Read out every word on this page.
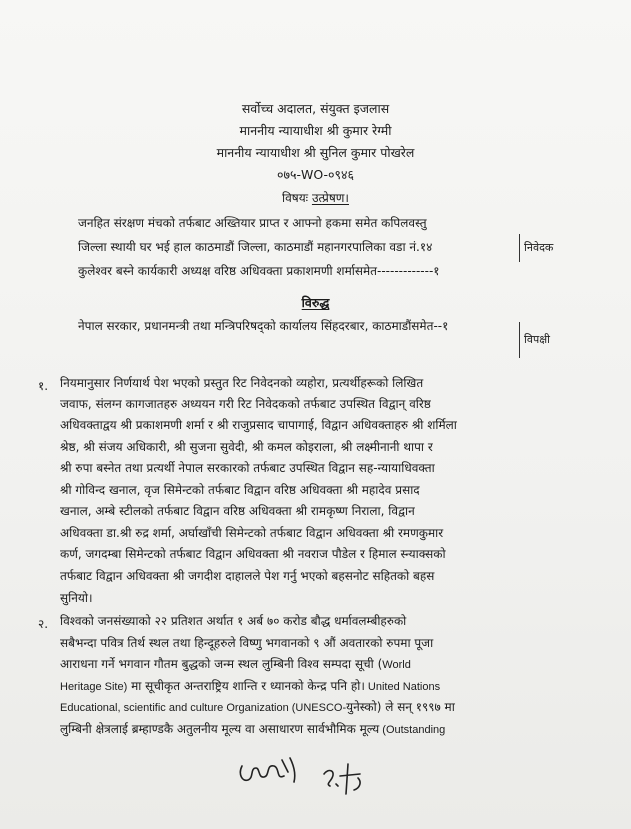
सर्वोच्च अदालत, संयुक्त इजलास
माननीय न्यायाधीश श्री कुमार रेग्मी
माननीय न्यायाधीश श्री सुनिल कुमार पोखरेल
०७५-WO-०९४६
विषयः उत्प्रेषण।
जनहित संरक्षण मंचको तर्फबाट अख्तियार प्राप्त र आफ्नो हकमा समेत कपिलवस्तु
जिल्ला स्थायी घर भई हाल काठमाडौं जिल्ला, काठमाडौं महानगरपालिका वडा नं.१४
कुलेश्वर बस्ने कार्यकारी अध्यक्ष वरिष्ठ अधिवक्ता प्रकाशमणी शर्मासमेत-------------१
निवेदक
विरुद्ध
नेपाल सरकार, प्रधानमन्त्री तथा मन्त्रिपरिषद्को कार्यालय सिंहदरबार, काठमाडौंसमेत--१
विपक्षी
१. नियमानुसार निर्णयार्थ पेश भएको प्रस्तुत रिट निवेदनको व्यहोरा, प्रत्यर्थीहरूको लिखित
जवाफ, संलग्न कागजातहरु अध्ययन गरी रिट निवेदकको तर्फबाट उपस्थित विद्वान् वरिष्ठ
अधिवक्ताद्वय श्री प्रकाशमणी शर्मा र श्री राजुप्रसाद चापागाई, विद्वान अधिवक्ताहरु श्री शर्मिला
श्रेष्ठ, श्री संजय अधिकारी, श्री सुजना सुवेदी, श्री कमल कोइराला, श्री लक्ष्मीनानी थापा र
श्री रुपा बस्नेत तथा प्रत्यर्थी नेपाल सरकारको तर्फबाट उपस्थित विद्वान सह-न्यायाधिवक्ता
श्री गोविन्द खनाल, वृज सिमेन्टको तर्फबाट विद्वान वरिष्ठ अधिवक्ता श्री महादेव प्रसाद
खनाल, अम्बे स्टीलको तर्फबाट विद्वान वरिष्ठ अधिवक्ता श्री रामकृष्ण निराला, विद्वान
अधिवक्ता डा.श्री रुद्र शर्मा, अर्घाखाँची सिमेन्टको तर्फबाट विद्वान अधिवक्ता श्री रमणकुमार
कर्ण, जगदम्बा सिमेन्टको तर्फबाट विद्वान अधिवक्ता श्री नवराज पौडेल र हिमाल स्न्याक्सको
तर्फबाट विद्वान अधिवक्ता श्री जगदीश दाहालले पेश गर्नु भएको बहसनोट सहितको बहस
सुनियो।
२. विश्वको जनसंख्याको २२ प्रतिशत अर्थात १ अर्ब ७० करोड बौद्ध धर्मावलम्बीहरुको
सबैभन्दा पवित्र तिर्थ स्थल तथा हिन्दूहरुले विष्णु भगवानको ९ औं अवतारको रुपमा पूजा
आराधना गर्ने भगवान गौतम बुद्धको जन्म स्थल लुम्बिनी विश्व सम्पदा सूची (World
Heritage Site) मा सूचीकृत अन्तराष्ट्रिय शान्ति र ध्यानको केन्द्र पनि हो। United Nations
Educational, scientific and culture Organization (UNESCO-युनेस्को) ले सन् १९९७ मा
लुम्बिनी क्षेत्रलाई ब्रम्हाण्डकै अतुलनीय मूल्य वा असाधारण सार्वभौमिक मूल्य (Outstanding
